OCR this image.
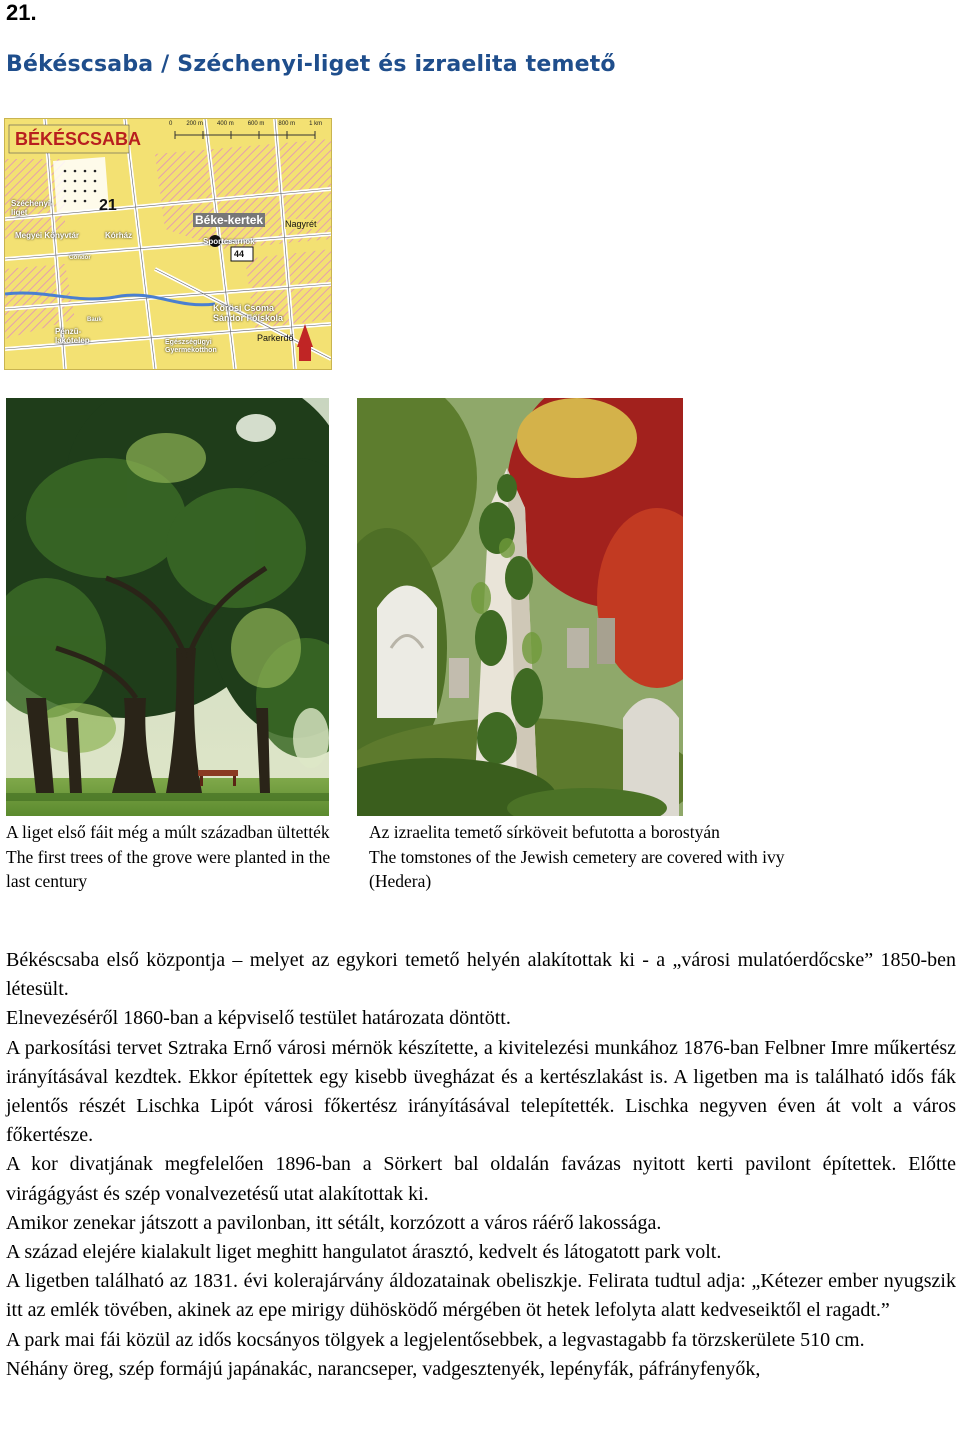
21.
Békéscsaba / Széchenyi-liget és izraelita temető
BÉKÉSCSABA
0 200 m 400 m 600 m 800 m 1 km
21
44
Széchenyi-liget
Béke-kertek Nagyrét
Megyei Könyvtár	Kórház
Sportcsarnok
Kőrösi Csoma Sándor Főiskola
Parkerdő
Pénzü- lakótelep	Egészségügyi Gyermekotthon
Gondor
Bauk
A liget első fáit még a múlt században ültették
The first trees of the grove were planted in the last century
Az izraelita temető sírköveit befutotta a borostyán
The tomstones of the Jewish cemetery are covered with ivy (Hedera)

Békéscsaba első központja – melyet az egykori temető helyén alakítottak ki - a „városi mulatóerdőcske” 1850-ben létesült.

Elnevezéséről 1860-ban a képviselő testület határozata döntött.

A parkosítási tervet Sztraka Ernő városi mérnök készítette, a kivitelezési munkához 1876-ban Felbner Imre műkertész irányításával kezdtek. Ekkor építettek egy kisebb üvegházat és a kertészlakást is. A ligetben ma is található idős fák jelentős részét Lischka Lipót városi főkertész irányításával telepítették. Lischka negyven éven át volt a város főkertésze.

A kor divatjának megfelelően 1896-ban a Sörkert bal oldalán favázas nyitott kerti pavilont építettek. Előtte virágágyást és szép vonalvezetésű utat alakítottak ki.

Amikor zenekar játszott a pavilonban, itt sétált, korzózott a város ráérő lakossága.

A század elejére kialakult liget meghitt hangulatot árasztó, kedvelt és látogatott park volt.

A ligetben található az 1831. évi kolerajárvány áldozatainak obeliszkje. Felirata tudtul adja: „Kétezer ember nyugszik itt az emlék tövében, akinek az epe mirigy dühösködő mérgében öt hetek lefolyta alatt kedveseiktől el ragadt.”

A park mai fái közül az idős kocsányos tölgyek a legjelentősebbek, a legvastagabb fa törzskerülete 510 cm.

Néhány öreg, szép formájú japánakác, narancseper, vadgesztenyék, lepényfák, páfrányfenyők,
